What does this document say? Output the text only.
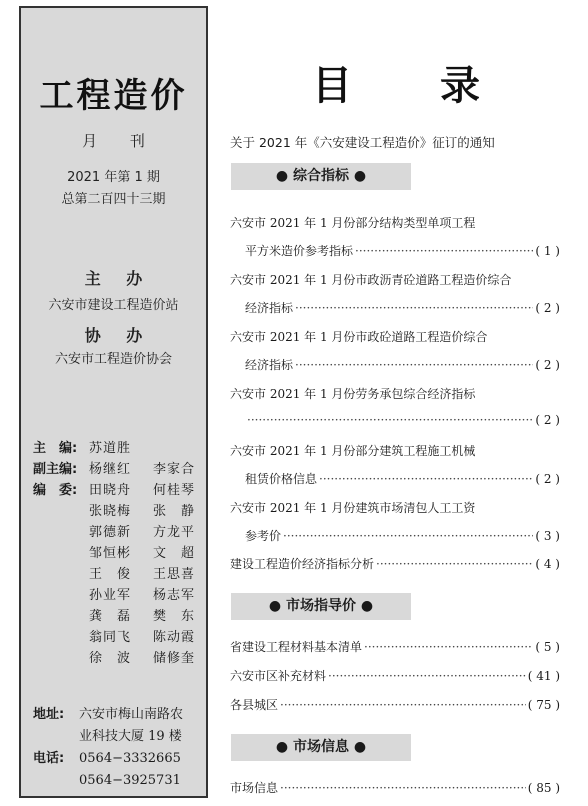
工程造价
月 刊
2021 年第 1 期
总第二百四十三期
主 办
六安市建设工程造价站
协 办
六安市工程造价协会
主　编: 苏道胜
副主编: 杨继红 李家合
编　委: 田晓舟 何桂琴
张晓梅 张　静
郭德新 方龙平
邹恒彬 文　超
王　俊 王思喜
孙业军 杨志军
龚　磊 樊　东
翁同飞 陈动霞
徐　波 储修奎
地址: 六安市梅山南路农
业科技大厦 19 楼
电话: 0564−3332665
0564−3925731
目 录
关于 2021 年《六安建设工程造价》征订的通知
● 综合指标 ●
六安市 2021 年 1 月份部分结构类型单项工程
平方米造价参考指标 ·····	( 1 )
六安市 2021 年 1 月份市政沥青砼道路工程造价综合
经济指标 ·····	( 2 )
六安市 2021 年 1 月份市政砼道路工程造价综合
经济指标 ·····	( 2 )
六安市 2021 年 1 月份劳务承包综合经济指标
·····
( 2 )
六安市 2021 年 1 月份部分建筑工程施工机械
租赁价格信息 ·····	( 2 )
六安市 2021 年 1 月份建筑市场清包人工工资
参考价 ·····	( 3 )
建设工程造价经济指标分析 ·····	( 4 )
● 市场指导价 ●
省建设工程材料基本清单 ·····	( 5 )
六安市区补充材料 ·····	( 41 )
各县城区 ·····	( 75 )
● 市场信息 ●
市场信息 ·····	( 85 )
